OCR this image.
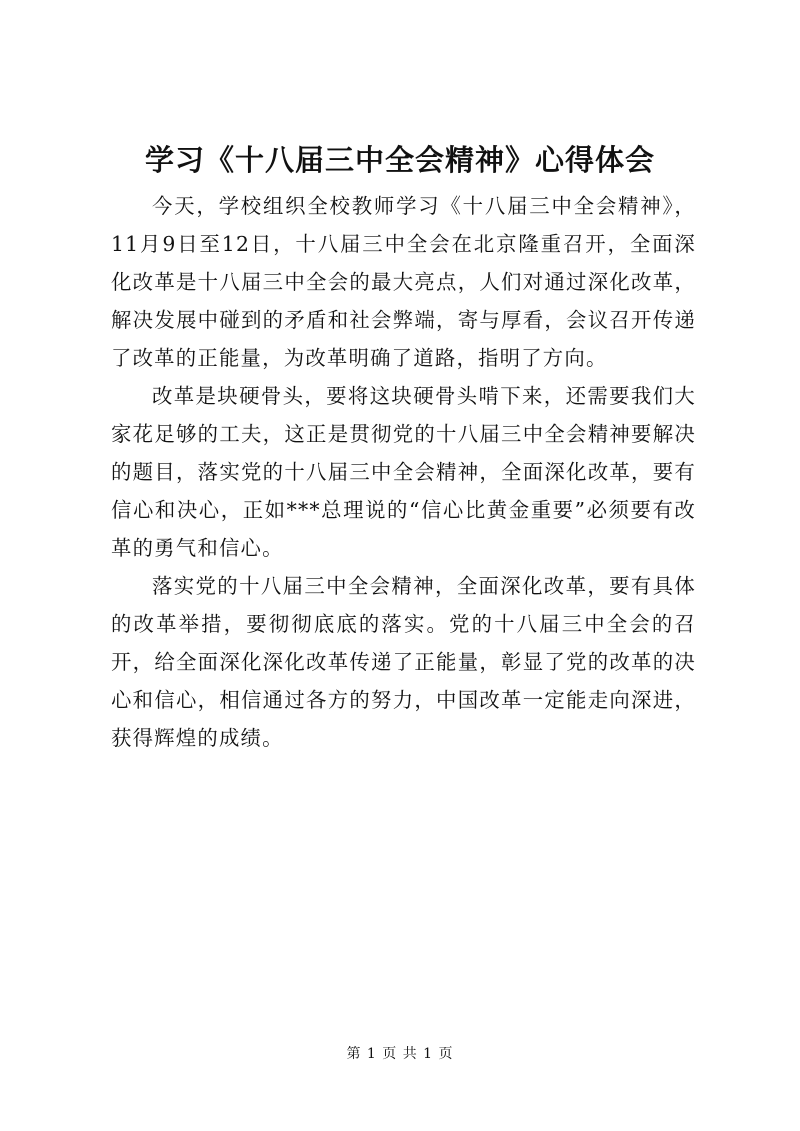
学习《十八届三中全会精神》心得体会

今天，学校组织全校教师学习《十八届三中全会精神》，11月9日至12日，十八届三中全会在北京隆重召开，全面深化改革是十八届三中全会的最大亮点，人们对通过深化改革，解决发展中碰到的矛盾和社会弊端，寄与厚看，会议召开传递了改革的正能量，为改革明确了道路，指明了方向。

改革是块硬骨头，要将这块硬骨头啃下来，还需要我们大家花足够的工夫，这正是贯彻党的十八届三中全会精神要解决的题目，落实党的十八届三中全会精神，全面深化改革，要有信心和决心，正如***总理说的“信心比黄金重要”必须要有改革的勇气和信心。

落实党的十八届三中全会精神，全面深化改革，要有具体的改革举措，要彻彻底底的落实。党的十八届三中全会的召开，给全面深化深化改革传递了正能量，彰显了党的改革的决心和信心，相信通过各方的努力，中国改革一定能走向深进，获得辉煌的成绩。

第 1 页 共 1 页
